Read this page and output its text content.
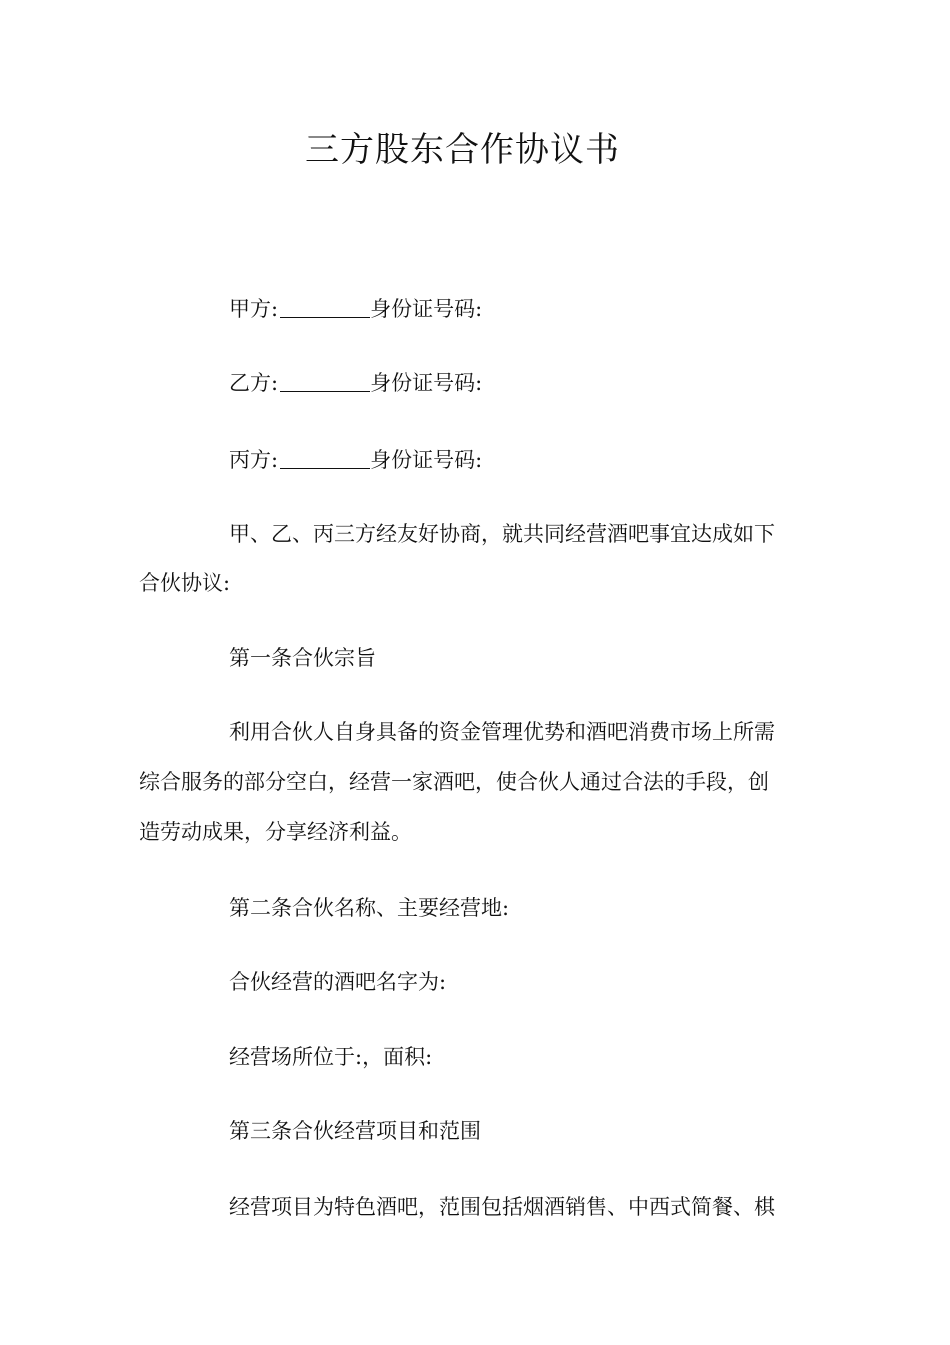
三方股东合作协议书
甲方:	身份证号码:
乙方:	身份证号码:
丙方:	身份证号码:
甲、乙、丙三方经友好协商，就共同经营酒吧事宜达成如下
合伙协议:
第一条合伙宗旨
利用合伙人自身具备的资金管理优势和酒吧消费市场上所需
综合服务的部分空白，经营一家酒吧，使合伙人通过合法的手段，创
造劳动成果，分享经济利益。
第二条合伙名称、主要经营地:
合伙经营的酒吧名字为:
经营场所位于:，面积:
第三条合伙经营项目和范围
经营项目为特色酒吧，范围包括烟酒销售、中西式简餐、棋
